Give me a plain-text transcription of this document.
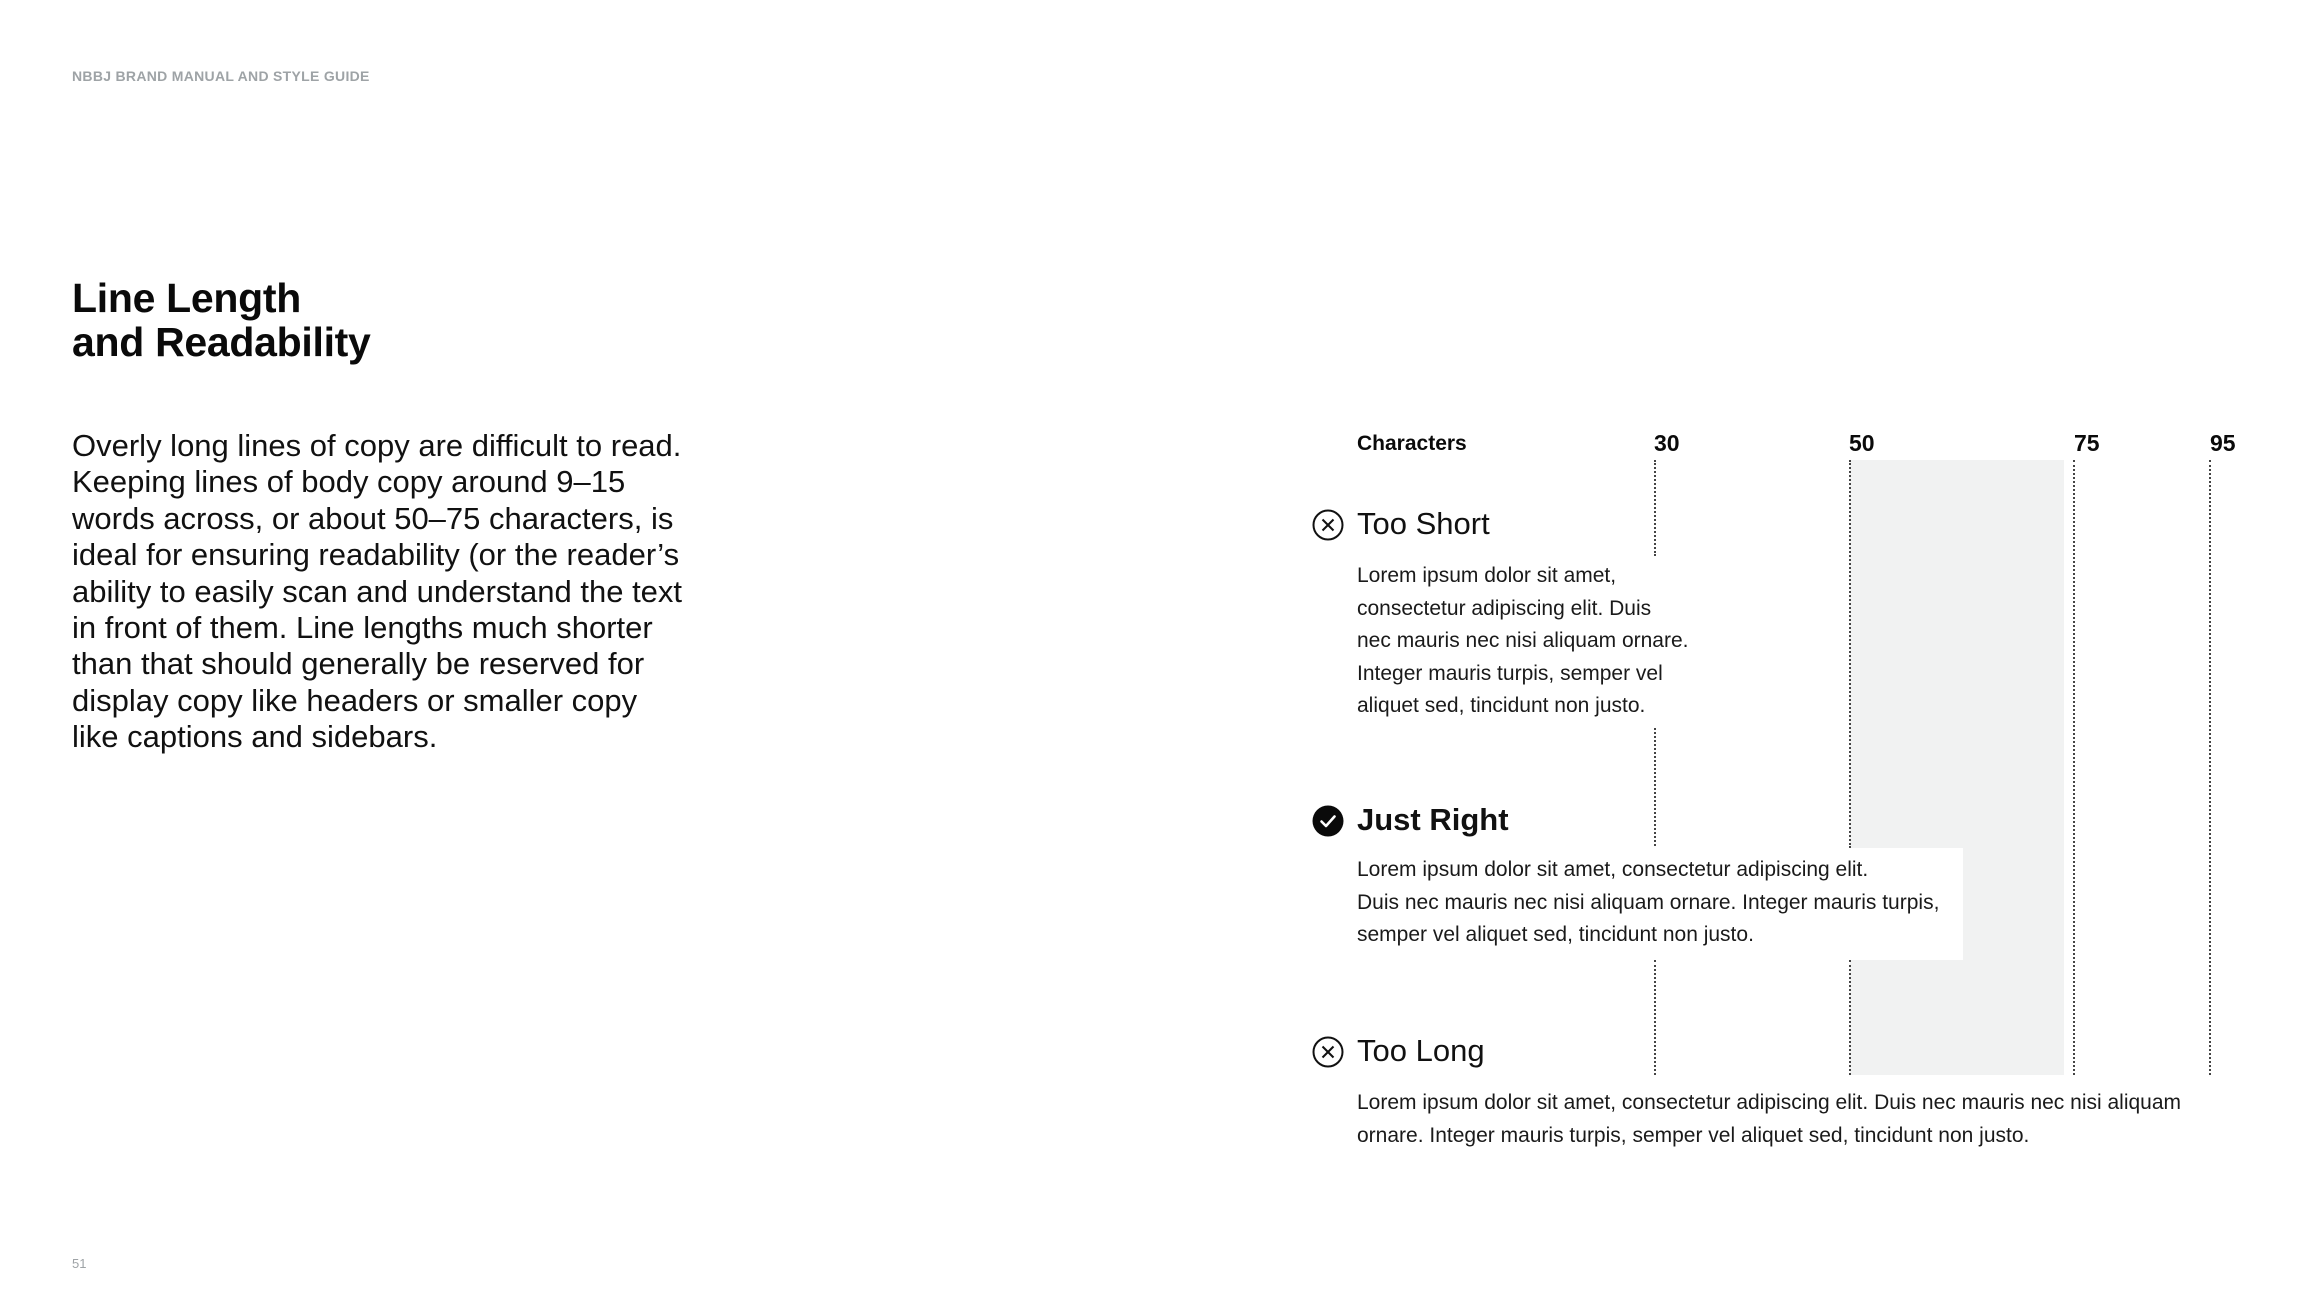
NBBJ BRAND MANUAL AND STYLE GUIDE
Line Length
and Readability

Overly long lines of copy are difficult to read. Keeping lines of body copy around 9–15 words across, or about 50–75 characters, is ideal for ensuring readability (or the reader’s ability to easily scan and understand the text in front of them. Line lengths much shorter than that should generally be reserved for display copy like headers or smaller copy like captions and sidebars.

Characters	30	50	75	95
Too Short

Lorem ipsum dolor sit amet,
consectetur adipiscing elit. Duis
nec mauris nec nisi aliquam ornare.
Integer mauris turpis, semper vel
aliquet sed, tincidunt non justo.

Just Right

Lorem ipsum dolor sit amet, consectetur adipiscing elit.
Duis nec mauris nec nisi aliquam ornare. Integer mauris turpis,
semper vel aliquet sed, tincidunt non justo.

Too Long

Lorem ipsum dolor sit amet, consectetur adipiscing elit. Duis nec mauris nec nisi aliquam
ornare. Integer mauris turpis, semper vel aliquet sed, tincidunt non justo.

51
